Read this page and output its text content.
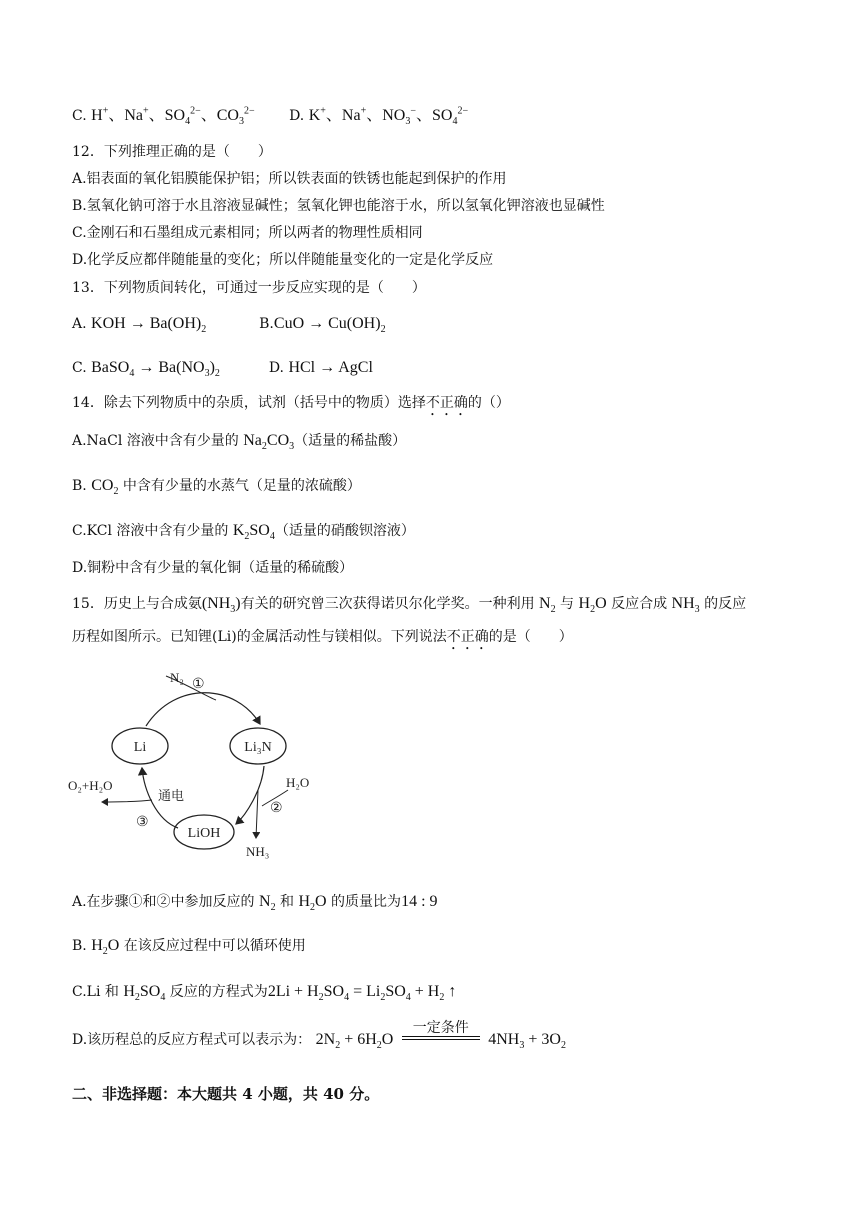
C. H+、Na+、$SO_4^{2-}$、$CO_3^{2-}$ D. K+、Na+、$NO_3^-$、$SO_4^{2-}$
12．下列推理正确的是（　　）
A.铝表面的氧化铝膜能保护铝；所以铁表面的铁锈也能起到保护的作用
B.氢氧化钠可溶于水且溶液显碱性；氢氧化钾也能溶于水，所以氢氧化钾溶液也显碱性
C.金刚石和石墨组成元素相同；所以两者的物理性质相同
D.化学反应都伴随能量的变化；所以伴随能量变化的一定是化学反应
13．下列物质间转化，可通过一步反应实现的是（　　）
A. KOH → $Ba(OH)_2$	$B.CuO \to Cu(OH)_2$
C. BaSO$_4$ → $Ba(NO_3)_2$	D. HCl → AgCl
14．除去下列物质中的杂质，试剂（括号中的物质）选择不正确的（）
A.NaCl 溶液中含有少量的 $Na_2CO_3$（适量的稀盐酸）
B. $CO_2$ 中含有少量的水蒸气（足量的浓硫酸）
C.KCl 溶液中含有少量的 $K_2SO_4$（适量的硝酸钡溶液）
D.铜粉中含有少量的氧化铜（适量的稀硫酸）
15．历史上与合成氨$(NH_3)$有关的研究曾三次获得诺贝尔化学奖。一种利用 $N_2$ 与 $H_2O$ 反应合成 $NH_3$ 的反应
历程如图所示。已知锂(Li)的金属活动性与镁相似。下列说法不正确的是（　　）
Li	Li₃N
LiOH
N₂ ①
H₂O
②
NH₃
③
通电
O₂+H₂O
A.在步骤①和②中参加反应的 $N_2$ 和 $H_2O$ 的质量比为14 : 9
B. $H_2O$ 在该反应过程中可以循环使用
C.Li 和 $H_2SO_4$ 反应的方程式为$2Li + H_2SO_4 = Li_2SO_4 + H_2$ ↑
D.该历程总的反应方程式可以表示为： $2N_2 + 6H_2O$
一定条件
$4NH_3 + 3O_2$
二、非选择题：本大题共 4 小题，共 40 分。
